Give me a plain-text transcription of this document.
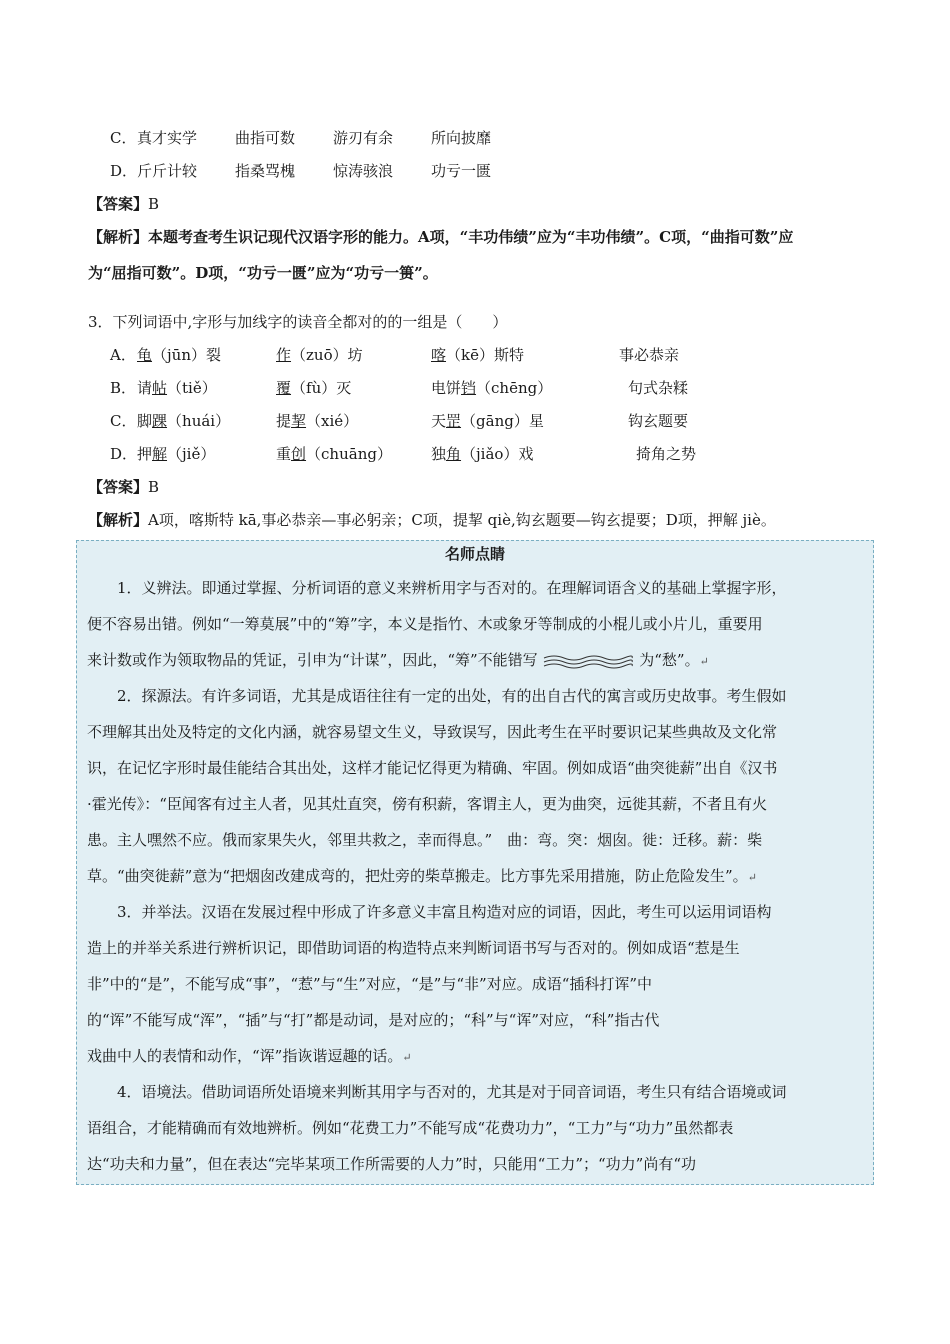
C． 真才实学	曲指可数	游刃有余	所向披靡
D． 斤斤计较	指桑骂槐	惊涛骇浪	功亏一匮
【答案】B
【解析】本题考查考生识记现代汉语字形的能力。A项，“丰功伟绩”应为“丰功伟绩”。C项，“曲指可数”应
为“屈指可数”。D项，“功亏一匮”应为“功亏一篑”。
3．下列词语中,字形与加线字的读音全都对的的一组是（　　）
A． 龟（jūn）裂	作（zuō）坊	喀（kē）斯特	事必恭亲
B． 请帖（tiě）	覆（fù）灭	电饼铛（chēng）	句式杂糅
C． 脚踝（huái）	提挈（xié）	天罡（gāng）星	钩玄题要
D． 押解（jiě）	重创（chuāng）	独角（jiǎo）戏	掎角之势
【答案】B
【解析】A项，喀斯特 kā,事必恭亲—事必躬亲；C项，提挈 qiè,钩玄题要—钩玄提要；D项，押解 jiè。
名师点睛
1．义辨法。即通过掌握、分析词语的意义来辨析用字与否对的。在理解词语含义的基础上掌握字形，
便不容易出错。例如“一筹莫展”中的“筹”字，本义是指竹、木或象牙等制成的小棍儿或小片儿，重要用
来计数或作为领取物品的凭证，引申为“计谋”，因此，“筹”不能错写	为“愁”。↵
2．探源法。有许多词语，尤其是成语往往有一定的出处，有的出自古代的寓言或历史故事。考生假如
不理解其出处及特定的文化内涵，就容易望文生义，导致误写，因此考生在平时要识记某些典故及文化常
识，在记忆字形时最佳能结合其出处，这样才能记忆得更为精确、牢固。例如成语“曲突徙薪”出自《汉书
·霍光传》：“臣闻客有过主人者，见其灶直突，傍有积薪，客谓主人，更为曲突，远徙其薪，不者且有火
患。主人嘿然不应。俄而家果失火，邻里共救之，幸而得息。”　曲：弯。突：烟囱。徙：迁移。薪：柴
草。“曲突徙薪”意为“把烟囱改建成弯的，把灶旁的柴草搬走。比方事先采用措施，防止危险发生”。↵
3．并举法。汉语在发展过程中形成了许多意义丰富且构造对应的词语，因此，考生可以运用词语构
造上的并举关系进行辨析识记，即借助词语的构造特点来判断词语书写与否对的。例如成语“惹是生
非”中的“是”，不能写成“事”，“惹”与“生”对应，“是”与“非”对应。成语“插科打诨”中
的“诨”不能写成“浑”，“插”与“打”都是动词，是对应的；“科”与“诨”对应，“科”指古代
戏曲中人的表情和动作，“诨”指诙谐逗趣的话。↵
4．语境法。借助词语所处语境来判断其用字与否对的，尤其是对于同音词语，考生只有结合语境或词
语组合，才能精确而有效地辨析。例如“花费工力”不能写成“花费功力”，“工力”与“功力”虽然都表
达“功夫和力量”，但在表达“完毕某项工作所需要的人力”时，只能用“工力”；“功力”尚有“功
